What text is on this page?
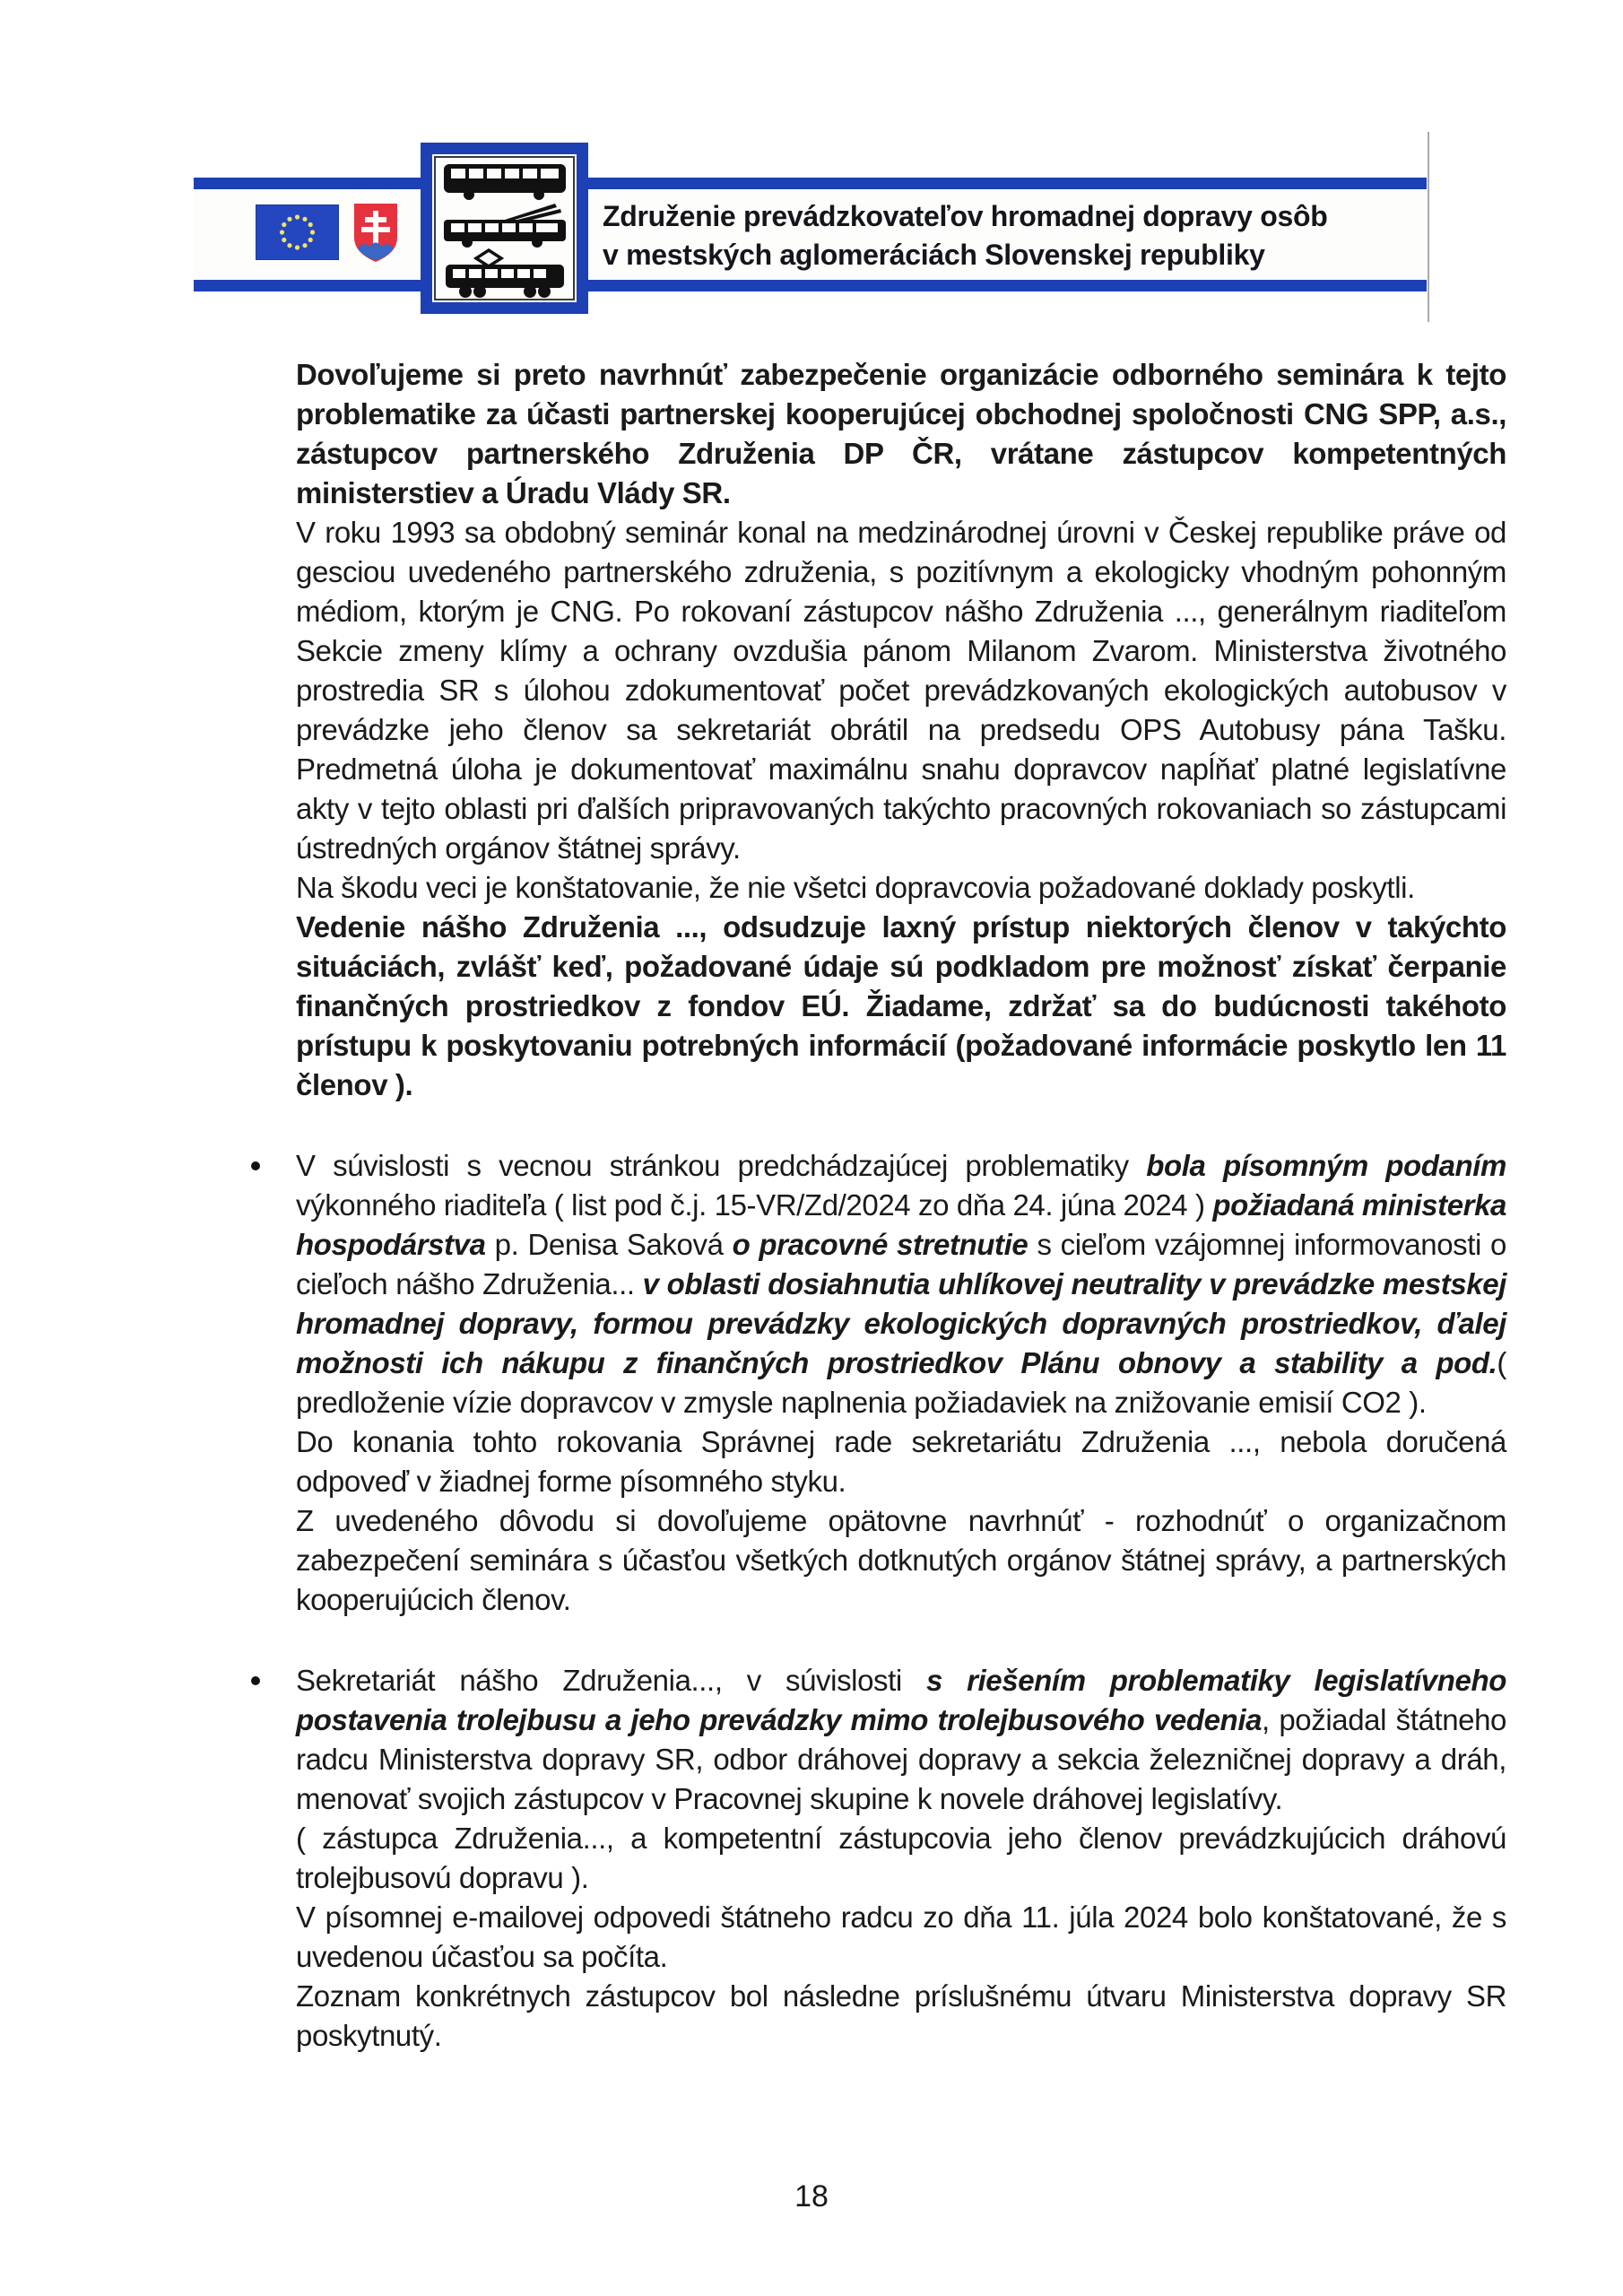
Združenie prevádzkovateľov hromadnej dopravy osôb
v mestských aglomeráciách Slovenskej republiky
Dovoľujeme si preto navrhnúť zabezpečenie organizácie odborného seminára k tejto problematike za účasti partnerskej kooperujúcej obchodnej spoločnosti CNG SPP, a.s., zástupcov partnerského Združenia DP ČR, vrátane zástupcov kompetentných ministerstiev a Úradu Vlády SR.
V roku 1993 sa obdobný seminár konal na medzinárodnej úrovni v Českej republike práve od gesciou uvedeného partnerského združenia, s pozitívnym a ekologicky vhodným pohonným médiom, ktorým je CNG. Po rokovaní zástupcov nášho Združenia ..., generálnym riaditeľom Sekcie zmeny klímy a ochrany ovzdušia pánom Milanom Zvarom. Ministerstva životného prostredia SR s úlohou zdokumentovať počet prevádzkovaných ekologických autobusov v prevádzke jeho členov sa sekretariát obrátil na predsedu OPS Autobusy pána Tašku. Predmetná úloha je dokumentovať maximálnu snahu dopravcov napĺňať platné legislatívne akty v tejto oblasti pri ďalších pripravovaných takýchto pracovných rokovaniach so zástupcami ústredných orgánov štátnej správy.
Na škodu veci je konštatovanie, že nie všetci dopravcovia požadované doklady poskytli.
Vedenie nášho Združenia ..., odsudzuje laxný prístup niektorých členov v takýchto situáciách, zvlášť keď, požadované údaje sú podkladom pre možnosť získať čerpanie finančných prostriedkov z fondov EÚ. Žiadame, zdržať sa do budúcnosti takéhoto prístupu k poskytovaniu potrebných informácií (požadované informácie poskytlo len 11 členov ).
V súvislosti s vecnou stránkou predchádzajúcej problematiky bola písomným podaním výkonného riaditeľa ( list pod č.j. 15-VR/Zd/2024 zo dňa 24. júna 2024 ) požiadaná ministerka hospodárstva p. Denisa Saková o pracovné stretnutie s cieľom vzájomnej informovanosti o cieľoch nášho Združenia... v oblasti dosiahnutia uhlíkovej neutrality v prevádzke mestskej hromadnej dopravy, formou prevádzky ekologických dopravných prostriedkov, ďalej možnosti ich nákupu z finančných prostriedkov Plánu obnovy a stability a pod.( predloženie vízie dopravcov v zmysle naplnenia požiadaviek na znižovanie emisií CO2 ).
Do konania tohto rokovania Správnej rade sekretariátu Združenia ..., nebola doručená odpoveď v žiadnej forme písomného styku.
Z uvedeného dôvodu si dovoľujeme opätovne navrhnúť - rozhodnúť o organizačnom zabezpečení seminára s účasťou všetkých dotknutých orgánov štátnej správy, a partnerských kooperujúcich členov.
Sekretariát nášho Združenia..., v súvislosti s riešením problematiky legislatívneho postavenia trolejbusu a jeho prevádzky mimo trolejbusového vedenia, požiadal štátneho radcu Ministerstva dopravy SR, odbor dráhovej dopravy a sekcia železničnej dopravy a dráh, menovať svojich zástupcov v Pracovnej skupine k novele dráhovej legislatívy.
( zástupca Združenia..., a kompetentní zástupcovia jeho členov prevádzkujúcich dráhovú trolejbusovú dopravu ).
V písomnej e-mailovej odpovedi štátneho radcu zo dňa 11. júla 2024 bolo konštatované, že s uvedenou účasťou sa počíta.
Zoznam konkrétnych zástupcov bol následne príslušnému útvaru Ministerstva dopravy SR poskytnutý.
18
